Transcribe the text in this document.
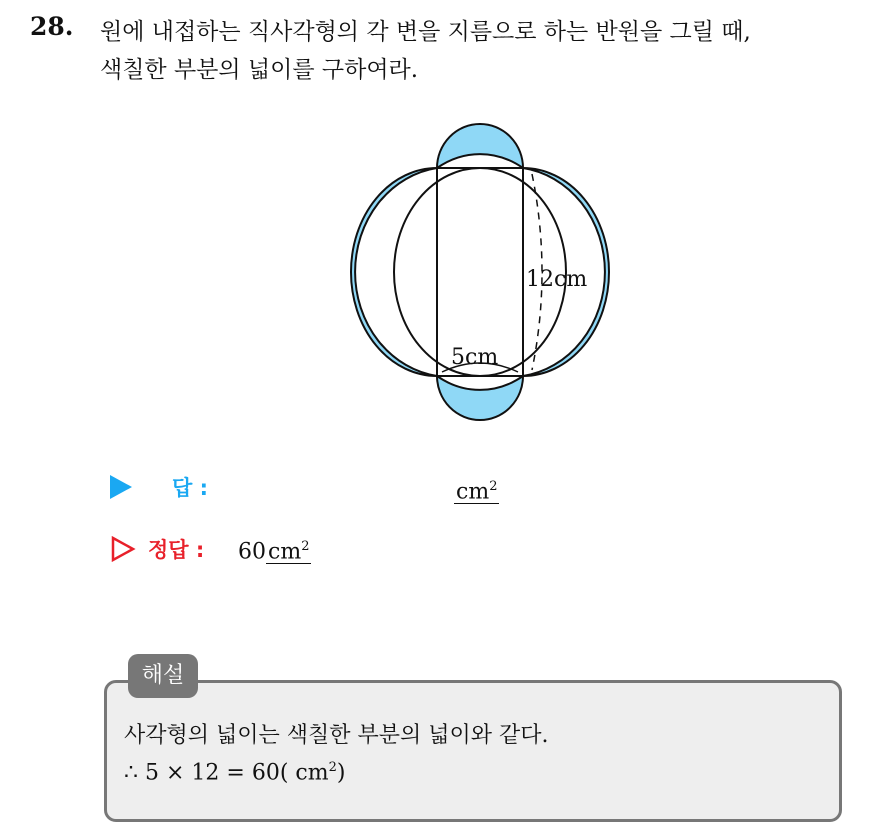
28. 원에 내접하는 직사각형의 각 변을 지름으로 하는 반원을 그릴 때,
색칠한 부분의 넓이를 구하여라.
12cm
5cm
답 :	$cm^2$
정답 : $60cm^2$
해설
사각형의 넓이는 색칠한 부분의 넓이와 같다.
∴ 5 × 12 = 60( $cm^2$)
